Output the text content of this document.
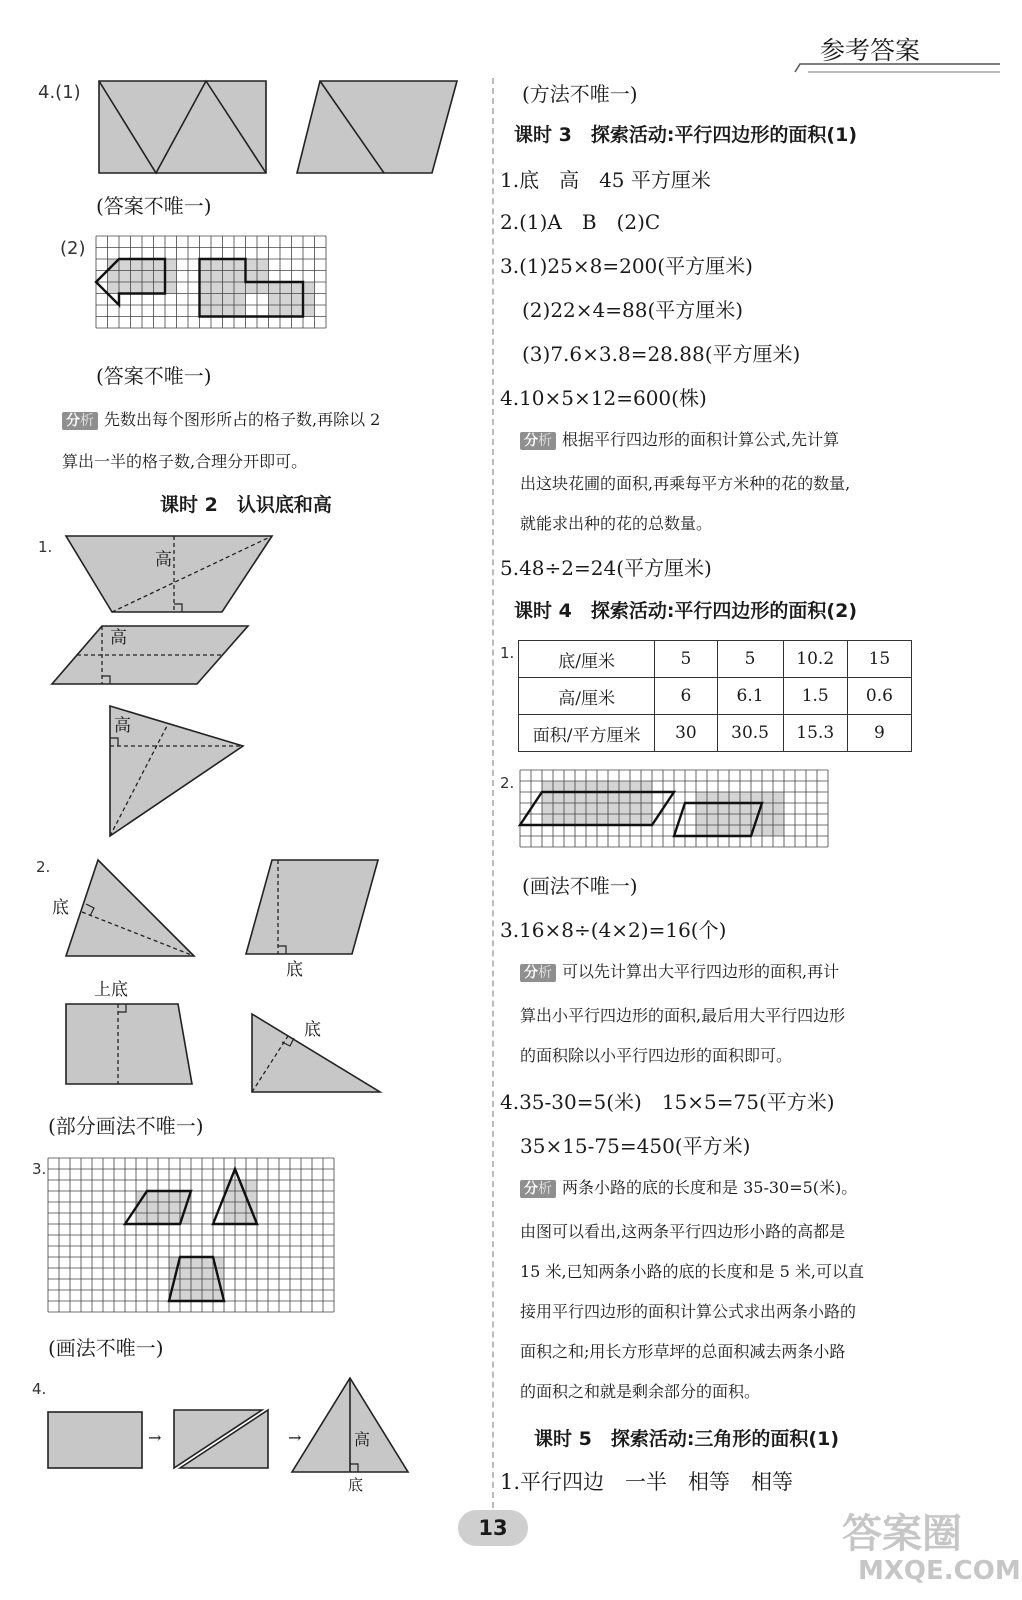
参考答案
4.(1)
(答案不唯一)
(2)
(答案不唯一)
分析 先数出每个图形所占的格子数,再除以 2
算出一半的格子数,合理分开即可。
课时 2　认识底和高
1.
高
高
高
2.
底
底
上底
底
(部分画法不唯一)
3.
(画法不唯一)
4.
→	→	高
底
(方法不唯一)
课时 3　探索活动:平行四边形的面积(1)
1.底　高　45 平方厘米
2.(1)A　B　(2)C
3.(1)25×8=200(平方厘米)
(2)22×4=88(平方厘米)
(3)7.6×3.8=28.88(平方厘米)
4.10×5×12=600(株)
分析 根据平行四边形的面积计算公式,先计算
出这块花圃的面积,再乘每平方米种的花的数量,
就能求出种的花的总数量。
5.48÷2=24(平方厘米)
课时 4　探索活动:平行四边形的面积(2)
1.	底/厘米	5	5	10.2	15
高/厘米	6	6.1	1.5	0.6
面积/平方厘米	30	30.5	15.3	9
2.
(画法不唯一)
3.16×8÷(4×2)=16(个)
分析 可以先计算出大平行四边形的面积,再计
算出小平行四边形的面积,最后用大平行四边形
的面积除以小平行四边形的面积即可。
4.35-30=5(米)　15×5=75(平方米)
35×15-75=450(平方米)
分析 两条小路的底的长度和是 35-30=5(米)。
由图可以看出,这两条平行四边形小路的高都是
15 米,已知两条小路的底的长度和是 5 米,可以直
接用平行四边形的面积计算公式求出两条小路的
面积之和;用长方形草坪的总面积减去两条小路
的面积之和就是剩余部分的面积。
课时 5　探索活动:三角形的面积(1)
1.平行四边　一半　相等　相等
13	答案圈
MXQE.COM
